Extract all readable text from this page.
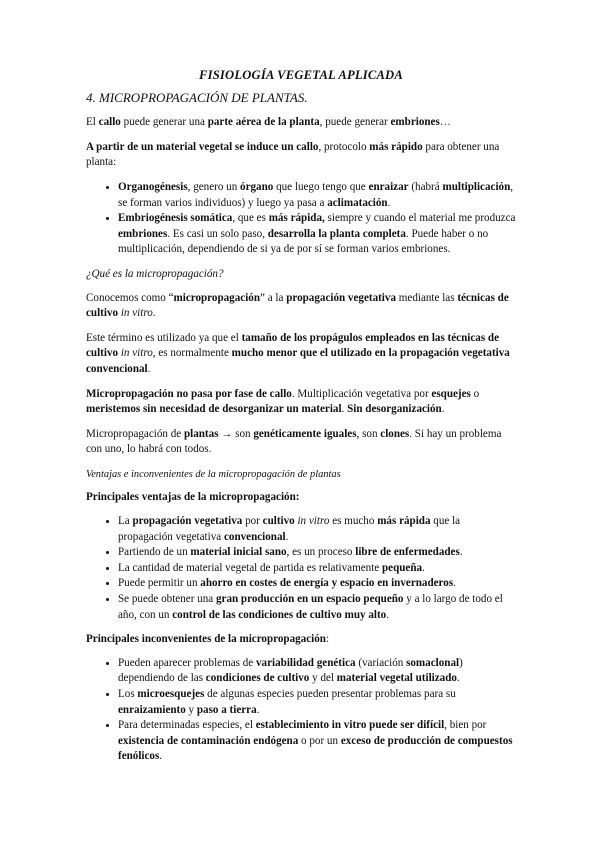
FISIOLOGÍA VEGETAL APLICADA
4. MICROPROPAGACIÓN DE PLANTAS.

El callo puede generar una parte aérea de la planta, puede generar embriones…

A partir de un material vegetal se induce un callo, protocolo más rápido para obtener una planta:

• Organogénesis, genero un órgano que luego tengo que enraizar (habrá multiplicación, se forman varios individuos) y luego ya pasa a aclimatación.
• Embriogénesis somática, que es más rápida, siempre y cuando el material me produzca embriones. Es casi un solo paso, desarrolla la planta completa. Puede haber o no multiplicación, dependiendo de si ya de por sí se forman varios embriones.
¿Qué es la micropropagación?

Conocemos como “micropropagación” a la propagación vegetativa mediante las técnicas de cultivo in vitro.

Este término es utilizado ya que el tamaño de los propágulos empleados en las técnicas de cultivo in vitro, es normalmente mucho menor que el utilizado en la propagación vegetativa convencional.

Micropropagación no pasa por fase de callo. Multiplicación vegetativa por esquejes o meristemos sin necesidad de desorganizar un material. Sin desorganización.

Micropropagación de plantas → son genéticamente iguales, son clones. Si hay un problema con uno, lo habrá con todos.

Ventajas e inconvenientes de la micropropagación de plantas

Principales ventajas de la micropropagación:

• La propagación vegetativa por cultivo in vitro es mucho más rápida que la propagación vegetativa convencional.
• Partiendo de un material inicial sano, es un proceso libre de enfermedades.
• La cantidad de material vegetal de partida es relativamente pequeña.
• Puede permitir un ahorro en costes de energía y espacio en invernaderos.
• Se puede obtener una gran producción en un espacio pequeño y a lo largo de todo el año, con un control de las condiciones de cultivo muy alto.

Principales inconvenientes de la micropropagación:

• Pueden aparecer problemas de variabilidad genética (variación somaclonal) dependiendo de las condiciones de cultivo y del material vegetal utilizado.
• Los microesquejes de algunas especies pueden presentar problemas para su enraizamiento y paso a tierra.
• Para determinadas especies, el establecimiento in vitro puede ser difícil, bien por existencia de contaminación endógena o por un exceso de producción de compuestos fenólicos.
